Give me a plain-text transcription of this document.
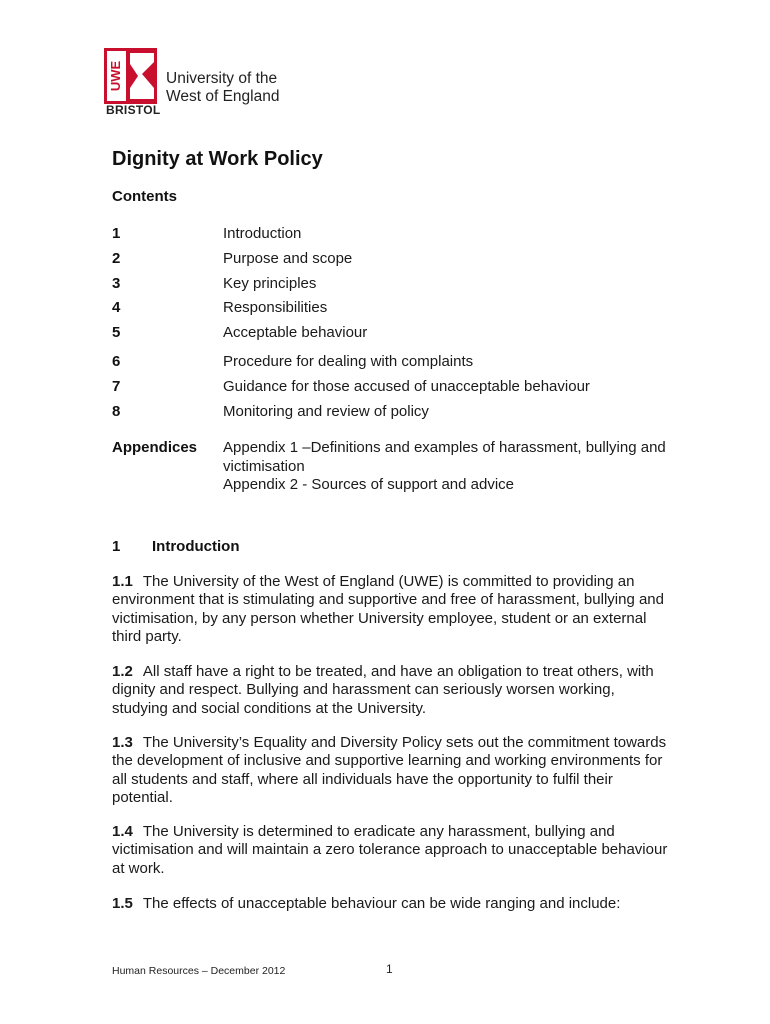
UWE	University of the
West of England
BRISTOL
Dignity at Work Policy
Contents
1	Introduction
2	Purpose and scope
3	Key principles
4	Responsibilities
5	Acceptable behaviour
6	Procedure for dealing with complaints
7	Guidance for those accused of unacceptable behaviour
8	Monitoring and review of policy
Appendices Appendix 1 –Definitions and examples of harassment, bullying and victimisation
Appendix 2 - Sources of support and advice
1 Introduction
1.1 The University of the West of England (UWE) is committed to providing an environment that is stimulating and supportive and free of harassment, bullying and victimisation, by any person whether University employee, student or an external third party.
1.2 All staff have a right to be treated, and have an obligation to treat others, with dignity and respect. Bullying and harassment can seriously worsen working, studying and social conditions at the University.
1.3 The University’s Equality and Diversity Policy sets out the commitment towards the development of inclusive and supportive learning and working environments for all students and staff, where all individuals have the opportunity to fulfil their potential.
1.4 The University is determined to eradicate any harassment, bullying and victimisation and will maintain a zero tolerance approach to unacceptable behaviour at work.
1.5 The effects of unacceptable behaviour can be wide ranging and include:
Human Resources – December 2012	1
